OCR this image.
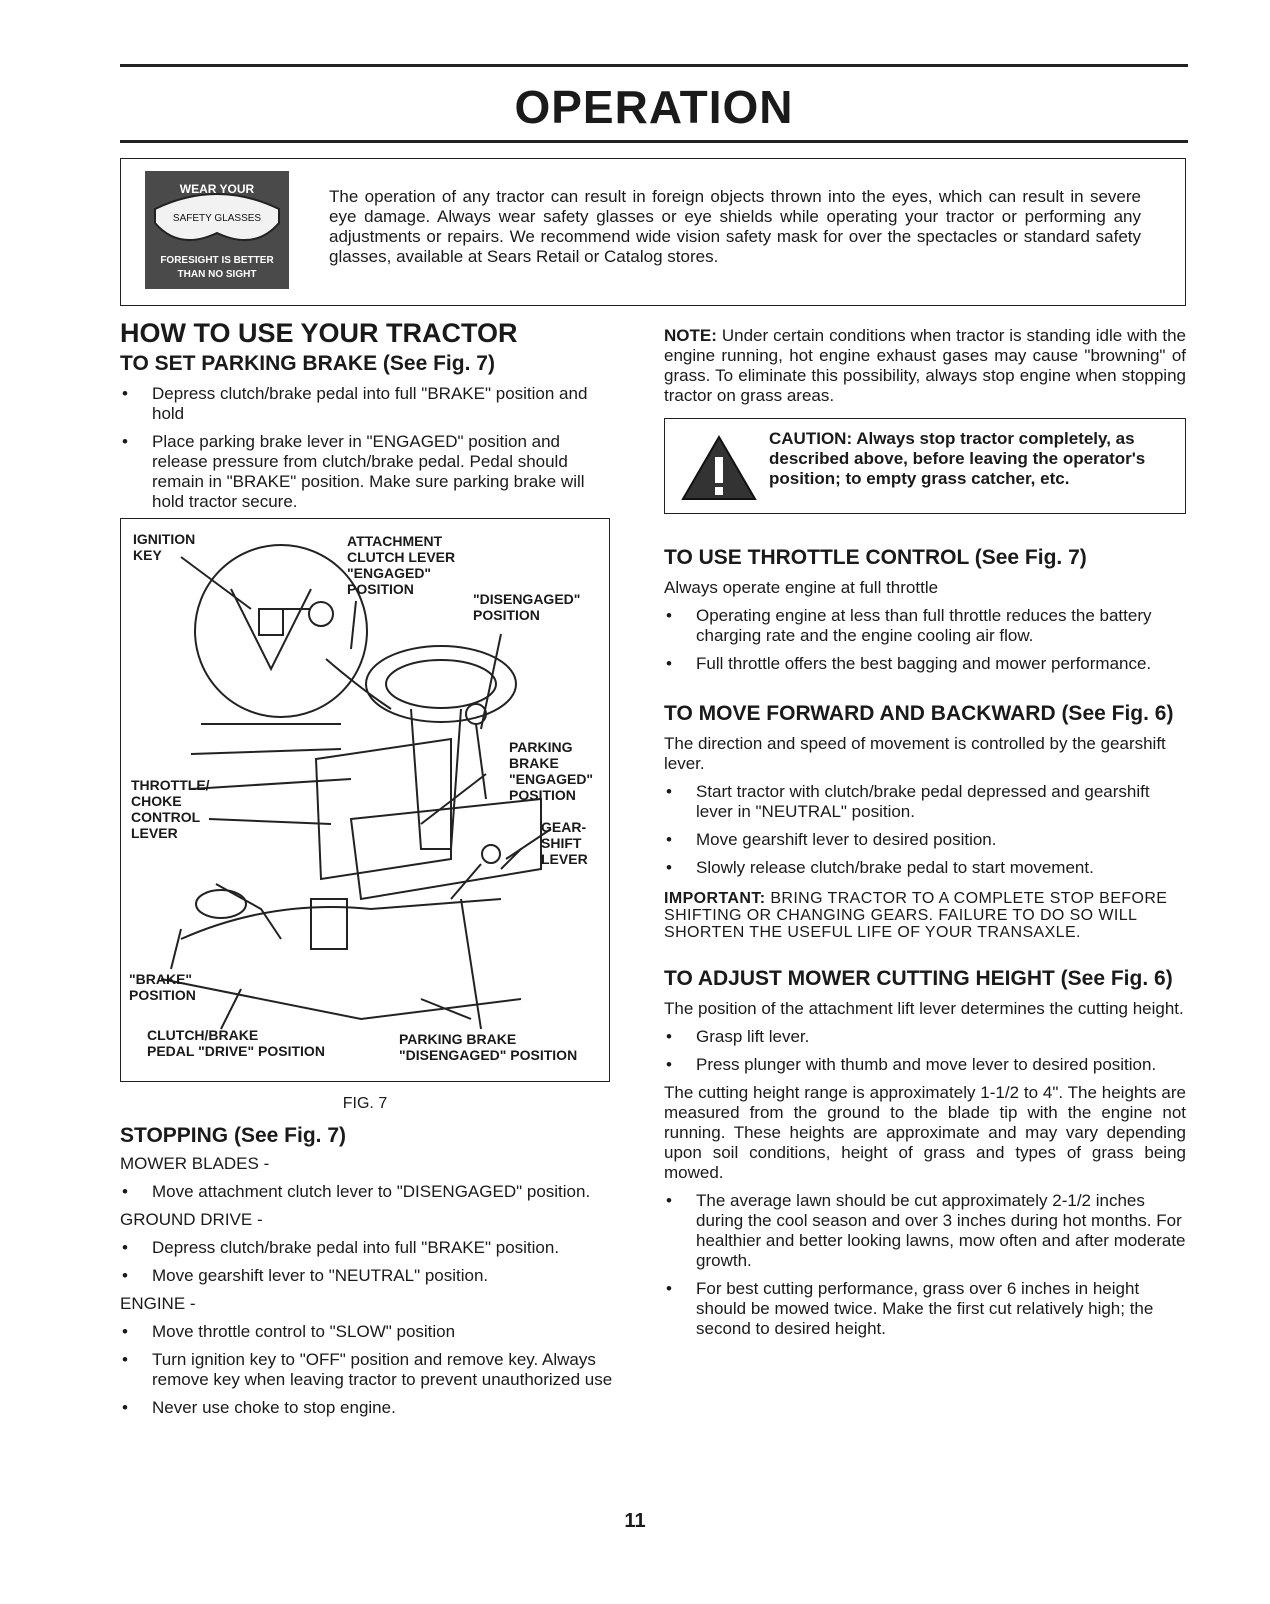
OPERATION
WEAR YOUR
SAFETY GLASSES
FORESIGHT IS BETTER
THAN NO SIGHT

The operation of any tractor can result in foreign objects thrown into the eyes, which can result in severe eye damage. Always wear safety glasses or eye shields while operating your tractor or performing any adjustments or repairs. We recommend wide vision safety mask for over the spectacles or standard safety glasses, available at Sears Retail or Catalog stores.

HOW TO USE YOUR TRACTOR

TO SET PARKING BRAKE (See Fig. 7)

• Depress clutch/brake pedal into full "BRAKE" position and hold
• Place parking brake lever in "ENGAGED" position and release pressure from clutch/brake pedal. Pedal should remain in "BRAKE" position. Make sure parking brake will hold tractor secure.
IGNITION
KEY
ATTACHMENT
CLUTCH LEVER
"ENGAGED"
POSITION
"DISENGAGED"
POSITION
PARKING
BRAKE
"ENGAGED"
POSITION
THROTTLE/
CHOKE
CONTROL
LEVER	GEAR-
SHIFT
LEVER
"BRAKE"
POSITION
CLUTCH/BRAKE
PEDAL "DRIVE" POSITION
PARKING BRAKE
"DISENGAGED" POSITION
FIG. 7

STOPPING (See Fig. 7)

MOWER BLADES -

• Move attachment clutch lever to "DISENGAGED" position.

GROUND DRIVE -

• Depress clutch/brake pedal into full "BRAKE" position.
• Move gearshift lever to "NEUTRAL" position.

ENGINE -

• Move throttle control to "SLOW" position
• Turn ignition key to "OFF" position and remove key. Always remove key when leaving tractor to prevent unauthorized use
• Never use choke to stop engine.

NOTE: Under certain conditions when tractor is standing idle with the engine running, hot engine exhaust gases may cause "browning" of grass. To eliminate this possibility, always stop engine when stopping tractor on grass areas.

CAUTION: Always stop tractor completely, as described above, before leaving the operator's position; to empty grass catcher, etc.

TO USE THROTTLE CONTROL (See Fig. 7)

Always operate engine at full throttle

• Operating engine at less than full throttle reduces the battery charging rate and the engine cooling air flow.
• Full throttle offers the best bagging and mower performance.

TO MOVE FORWARD AND BACKWARD (See Fig. 6)

The direction and speed of movement is controlled by the gearshift lever.

• Start tractor with clutch/brake pedal depressed and gearshift lever in "NEUTRAL" position.
• Move gearshift lever to desired position.
• Slowly release clutch/brake pedal to start movement.

IMPORTANT: BRING TRACTOR TO A COMPLETE STOP BEFORE SHIFTING OR CHANGING GEARS. FAILURE TO DO SO WILL SHORTEN THE USEFUL LIFE OF YOUR TRANSAXLE.

TO ADJUST MOWER CUTTING HEIGHT (See Fig. 6)

The position of the attachment lift lever determines the cutting height.

• Grasp lift lever.
• Press plunger with thumb and move lever to desired position.

The cutting height range is approximately 1-1/2 to 4". The heights are measured from the ground to the blade tip with the engine not running. These heights are approximate and may vary depending upon soil conditions, height of grass and types of grass being mowed.

• The average lawn should be cut approximately 2-1/2 inches during the cool season and over 3 inches during hot months. For healthier and better looking lawns, mow often and after moderate growth.
• For best cutting performance, grass over 6 inches in height should be mowed twice. Make the first cut relatively high; the second to desired height.
11
